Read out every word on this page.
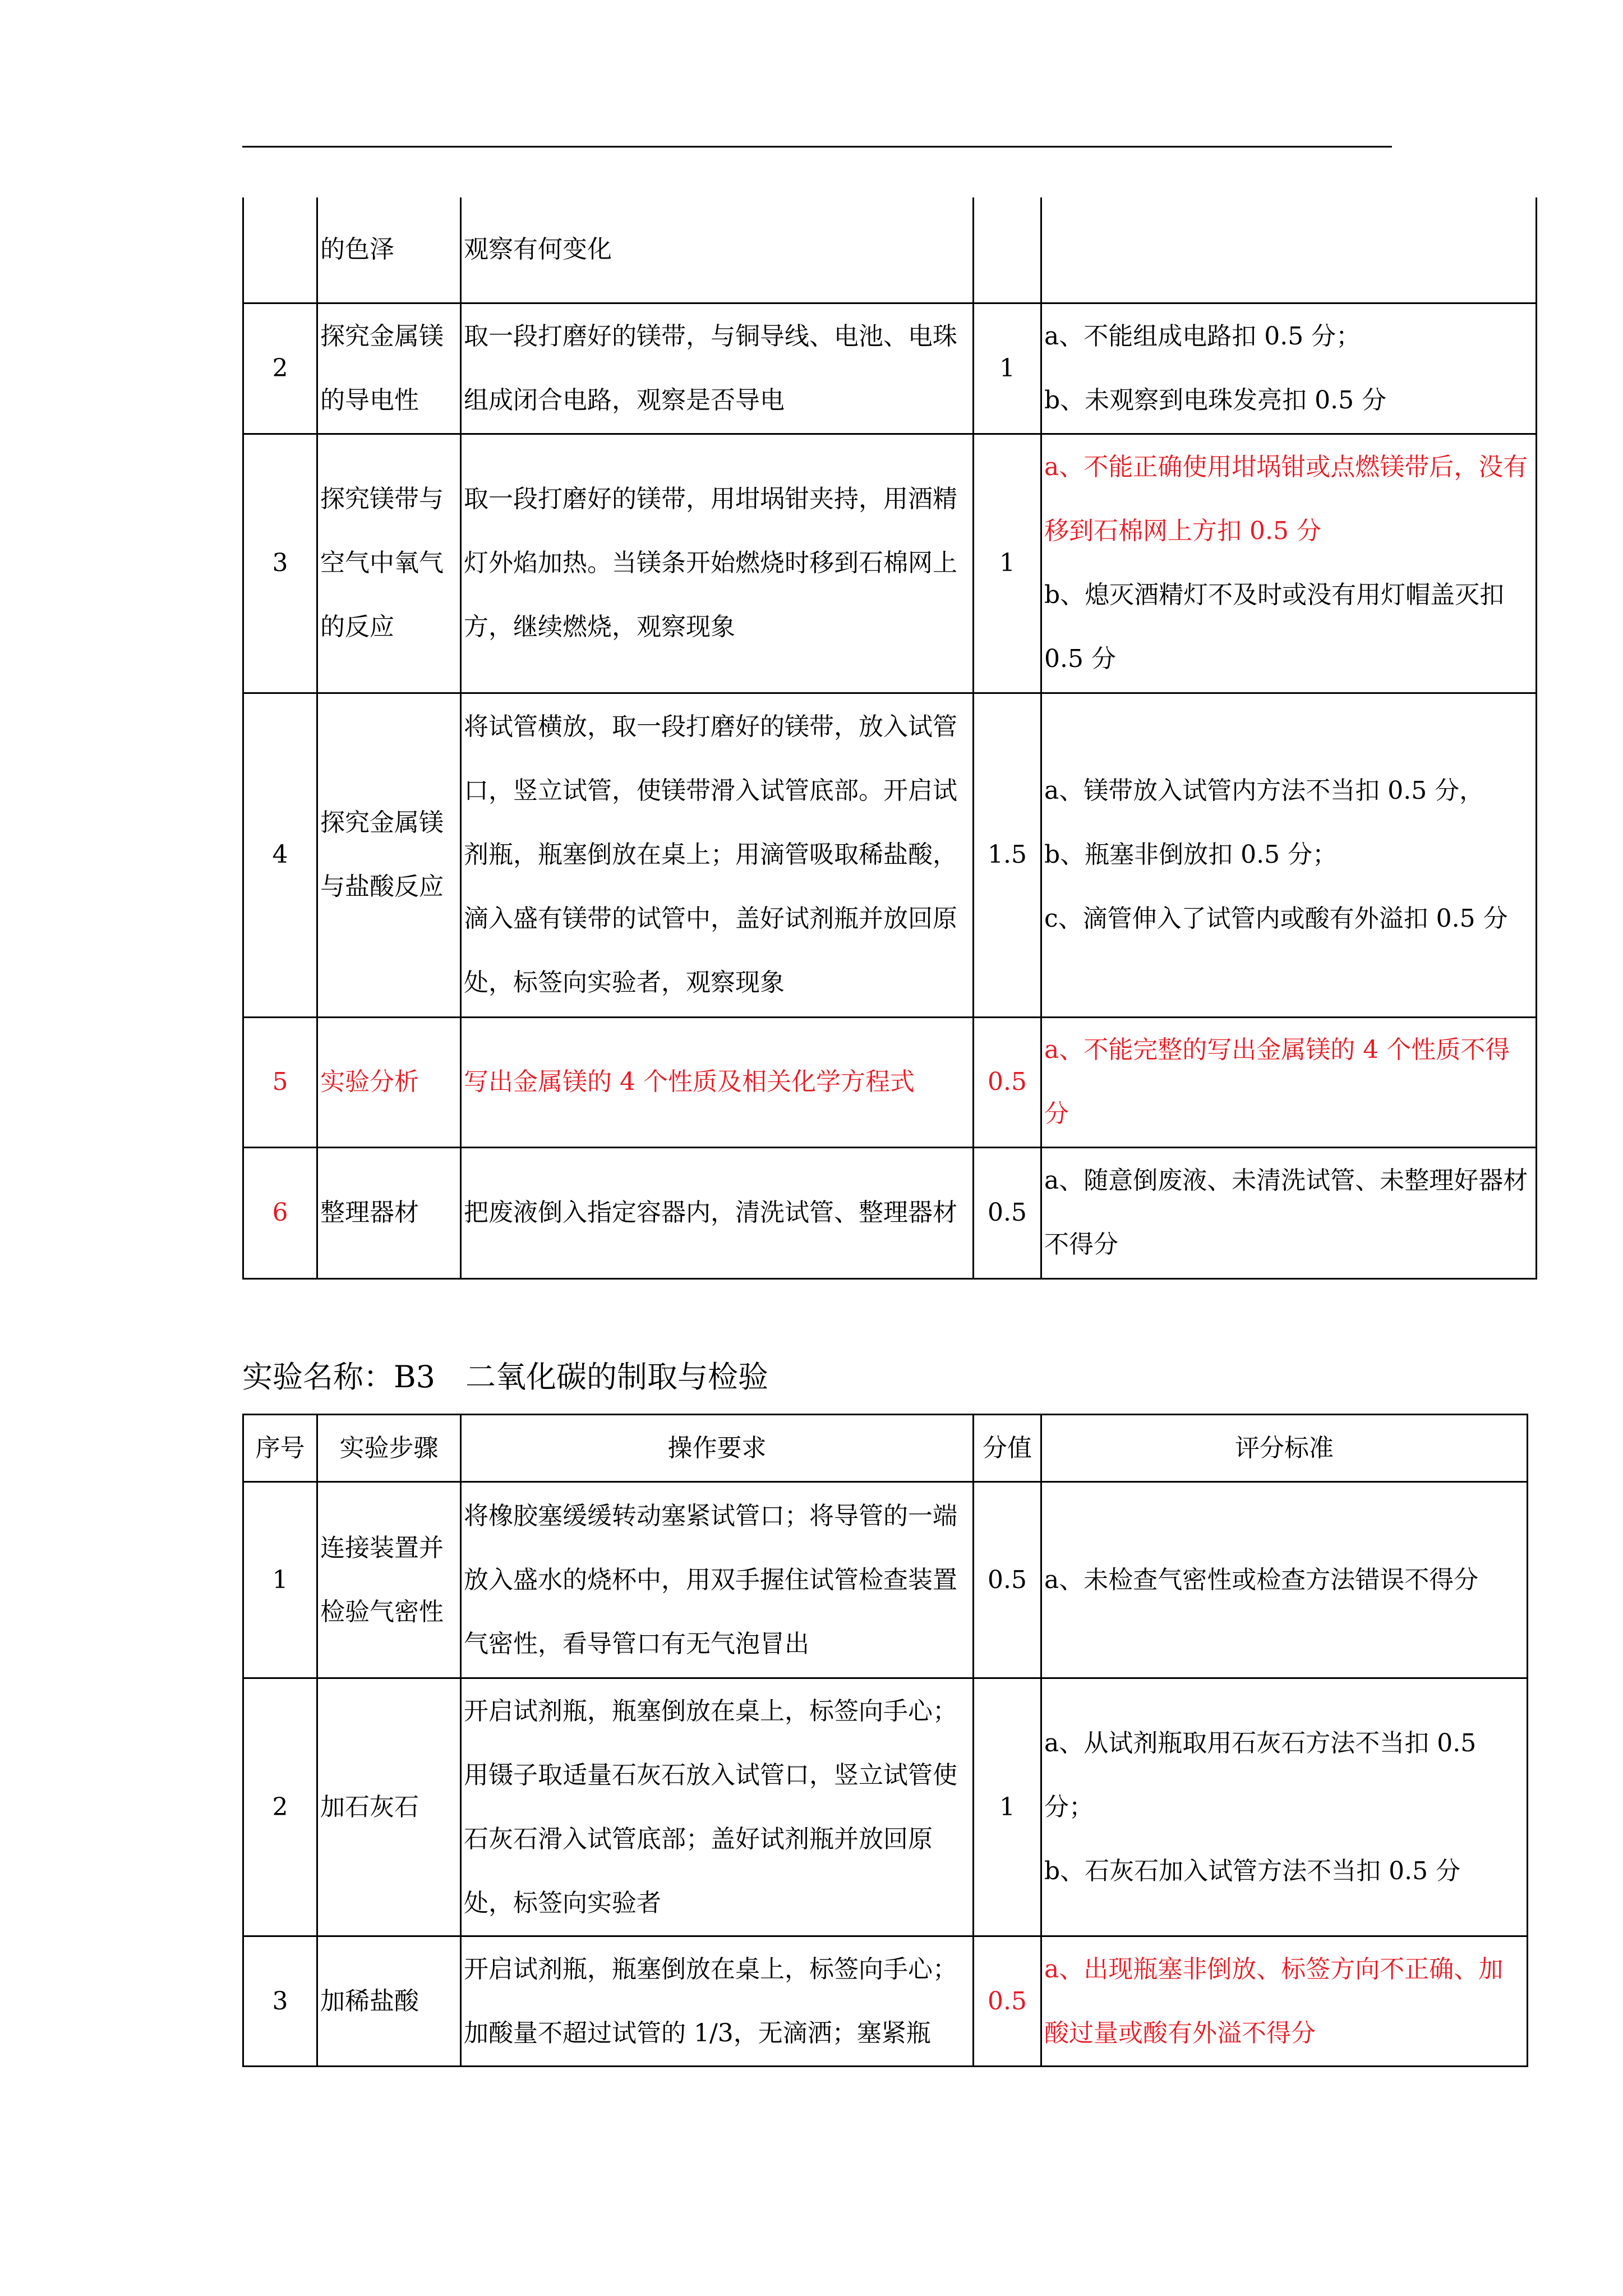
	的色泽	观察有何变化		
2	探究金属镁的导电性	取一段打磨好的镁带，与铜导线、电池、电珠组成闭合电路，观察是否导电	1	a、不能组成电路扣 0.5 分；
b、未观察到电珠发亮扣 0.5 分

3	探究镁带与空气中氧气的反应	取一段打磨好的镁带，用坩埚钳夹持，用酒精灯外焰加热。当镁条开始燃烧时移到石棉网上方，继续燃烧，观察现象	1	a、不能正确使用坩埚钳或点燃镁带后，没有移到石棉网上方扣 0.5 分
b、熄灭酒精灯不及时或没有用灯帽盖灭扣 0.5 分

4	探究金属镁与盐酸反应	将试管横放，取一段打磨好的镁带，放入试管口，竖立试管，使镁带滑入试管底部。开启试剂瓶，瓶塞倒放在桌上；用滴管吸取稀盐酸，滴入盛有镁带的试管中，盖好试剂瓶并放回原处，标签向实验者，观察现象	1.5	a、镁带放入试管内方法不当扣 0.5 分，
b、瓶塞非倒放扣 0.5 分；
c、滴管伸入了试管内或酸有外溢扣 0.5 分

5	实验分析	写出金属镁的 4 个性质及相关化学方程式	0.5	a、不能完整的写出金属镁的 4 个性质不得分

6	整理器材	把废液倒入指定容器内，清洗试管、整理器材	0.5	a、随意倒废液、未清洗试管、未整理好器材不得分
实验名称：B3　二氧化碳的制取与检验
序号	实验步骤	操作要求	分值	评分标准
1	连接装置并检验气密性	将橡胶塞缓缓转动塞紧试管口；将导管的一端放入盛水的烧杯中，用双手握住试管检查装置气密性，看导管口有无气泡冒出	0.5	a、未检查气密性或检查方法错误不得分

2	加石灰石	开启试剂瓶，瓶塞倒放在桌上，标签向手心；用镊子取适量石灰石放入试管口，竖立试管使石灰石滑入试管底部；盖好试剂瓶并放回原处，标签向实验者	1	a、从试剂瓶取用石灰石方法不当扣 0.5 分；
b、石灰石加入试管方法不当扣 0.5 分

3	加稀盐酸	开启试剂瓶，瓶塞倒放在桌上，标签向手心；加酸量不超过试管的 1/3，无滴洒；塞紧瓶	0.5	a、出现瓶塞非倒放、标签方向不正确、加酸过量或酸有外溢不得分
